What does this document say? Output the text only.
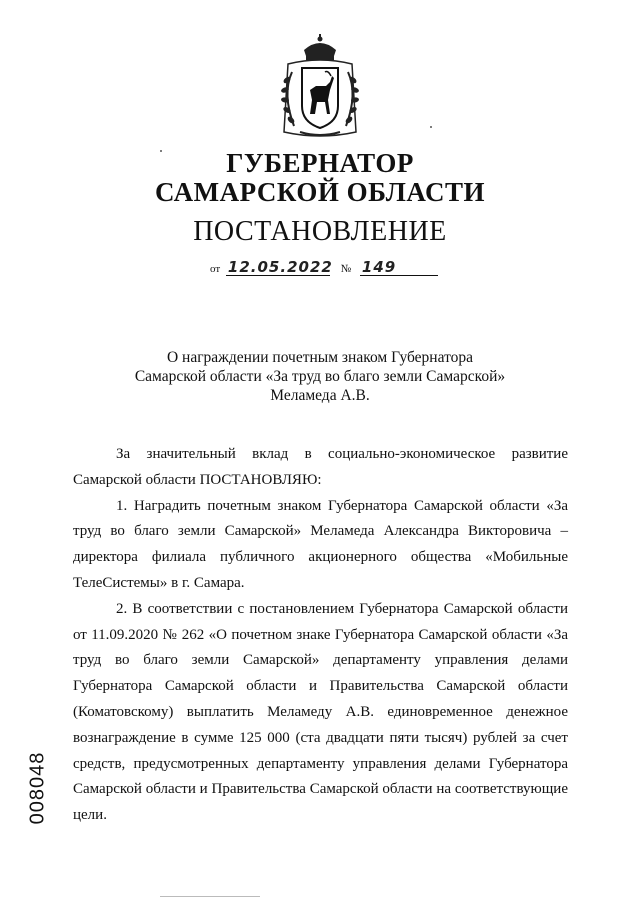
ГУБЕРНАТОР
САМАРСКОЙ ОБЛАСТИ
ПОСТАНОВЛЕНИЕ
от 12.05.2022 № 149
О награждении почетным знаком Губернатора
Самарской области «За труд во благо земли Самарской»
Меламеда А.В.

За значительный вклад в социально-экономическое развитие Самарской области ПОСТАНОВЛЯЮ:

1. Наградить почетным знаком Губернатора Самарской области «За труд во благо земли Самарской» Меламеда Александра Викторовича – директора филиала публичного акционерного общества «Мобильные ТелеСистемы» в г. Самара.

2. В соответствии с постановлением Губернатора Самарской области от 11.09.2020 № 262 «О почетном знаке Губернатора Самарской области «За труд во благо земли Самарской» департаменту управления делами Губернатора Самарской области и Правительства Самарской области (Коматовскому) выплатить Меламеду А.В. единовременное денежное вознаграждение в сумме 125 000 (ста двадцати пяти тысяч) рублей за счет средств, предусмотренных департаменту управления делами Губернатора Самарской области и Правительства Самарской области на соответствующие цели.

008048
